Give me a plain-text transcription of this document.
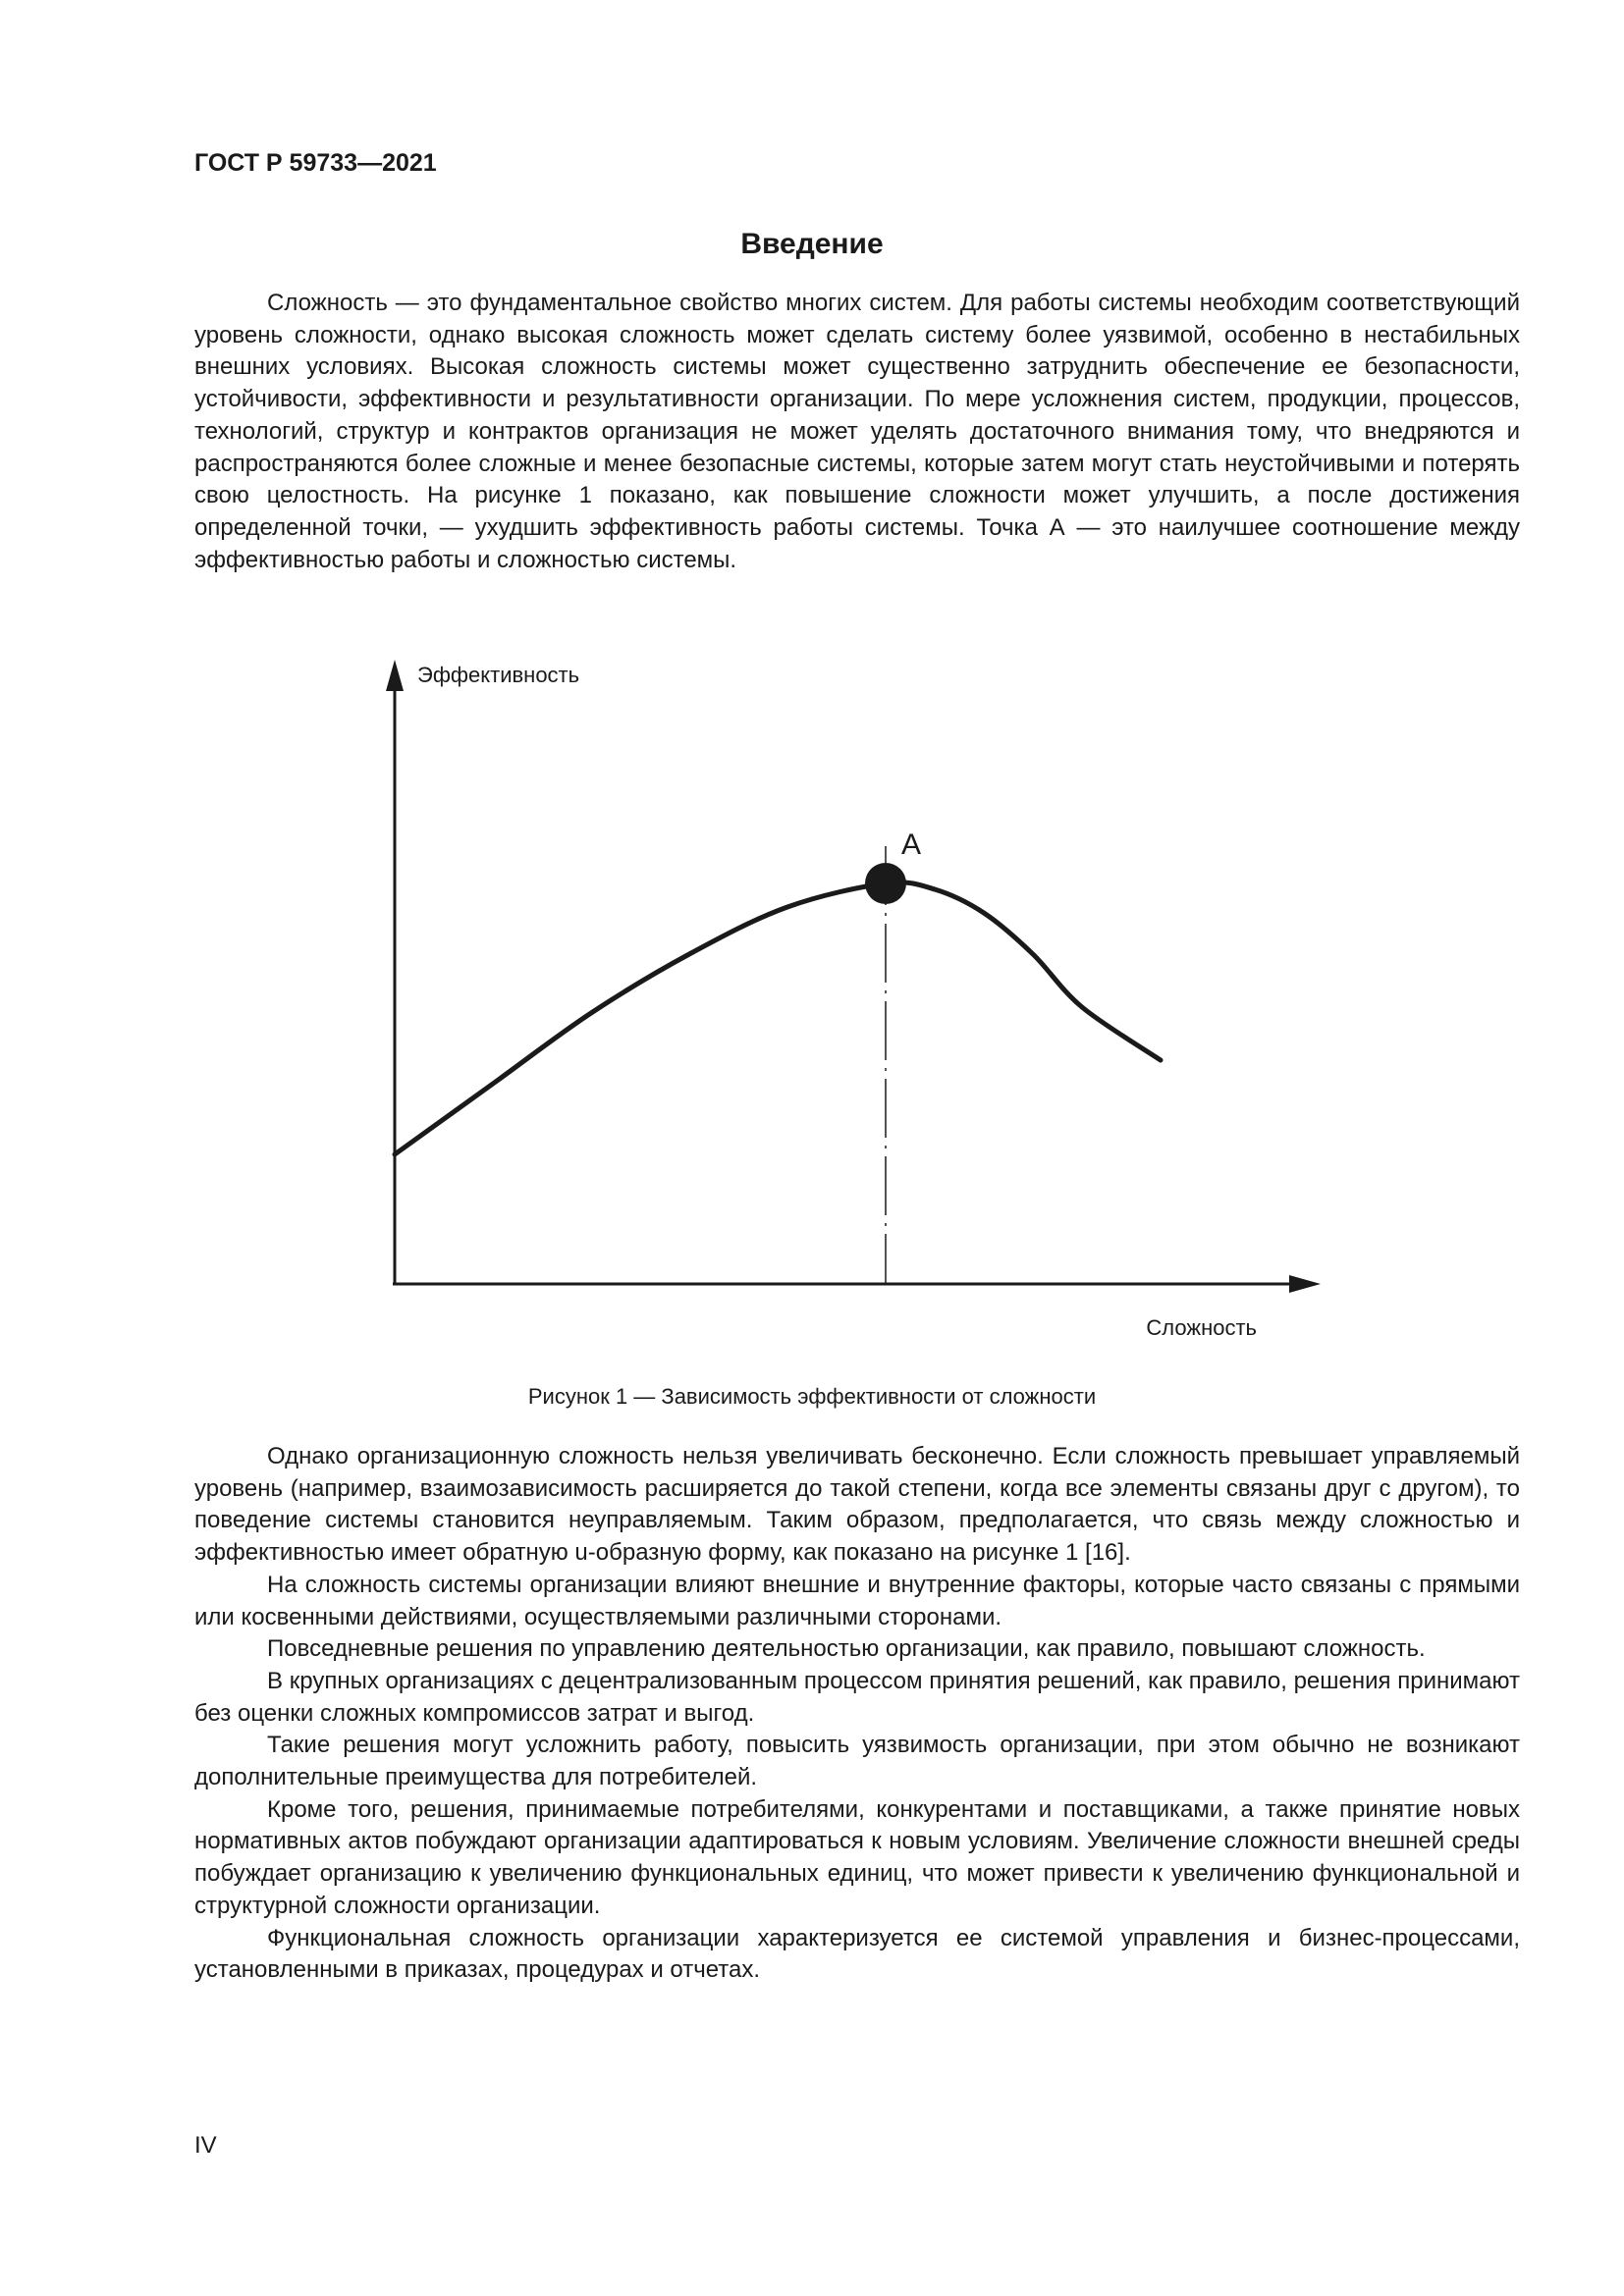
ГОСТ Р 59733—2021
Введение

Сложность — это фундаментальное свойство многих систем. Для работы системы необходим соответствующий уровень сложности, однако высокая сложность может сделать систему более уязвимой, особенно в нестабильных внешних условиях. Высокая сложность системы может существенно затруднить обеспечение ее безопасности, устойчивости, эффективности и результативности организации. По мере усложнения систем, продукции, процессов, технологий, структур и контрактов организация не может уделять достаточного внимания тому, что внедряются и распространяются более сложные и менее безопасные системы, которые затем могут стать неустойчивыми и потерять свою целостность. На рисунке 1 показано, как повышение сложности может улучшить, а после достижения определенной точки, — ухудшить эффективность работы системы. Точка А — это наилучшее соотношение между эффективностью работы и сложностью системы.

Эффективность
Сложность
А
Рисунок 1 — Зависимость эффективности от сложности

Однако организационную сложность нельзя увеличивать бесконечно. Если сложность превышает управляемый уровень (например, взаимозависимость расширяется до такой степени, когда все элементы связаны друг с другом), то поведение системы становится неуправляемым. Таким образом, предполагается, что связь между сложностью и эффективностью имеет обратную u-образную форму, как показано на рисунке 1 [16].

На сложность системы организации влияют внешние и внутренние факторы, которые часто связаны с прямыми или косвенными действиями, осуществляемыми различными сторонами.

Повседневные решения по управлению деятельностью организации, как правило, повышают сложность.

В крупных организациях с децентрализованным процессом принятия решений, как правило, решения принимают без оценки сложных компромиссов затрат и выгод.

Такие решения могут усложнить работу, повысить уязвимость организации, при этом обычно не возникают дополнительные преимущества для потребителей.

Кроме того, решения, принимаемые потребителями, конкурентами и поставщиками, а также принятие новых нормативных актов побуждают организации адаптироваться к новым условиям. Увеличение сложности внешней среды побуждает организацию к увеличению функциональных единиц, что может привести к увеличению функциональной и структурной сложности организации.

Функциональная сложность организации характеризуется ее системой управления и бизнес-процессами, установленными в приказах, процедурах и отчетах.

IV
